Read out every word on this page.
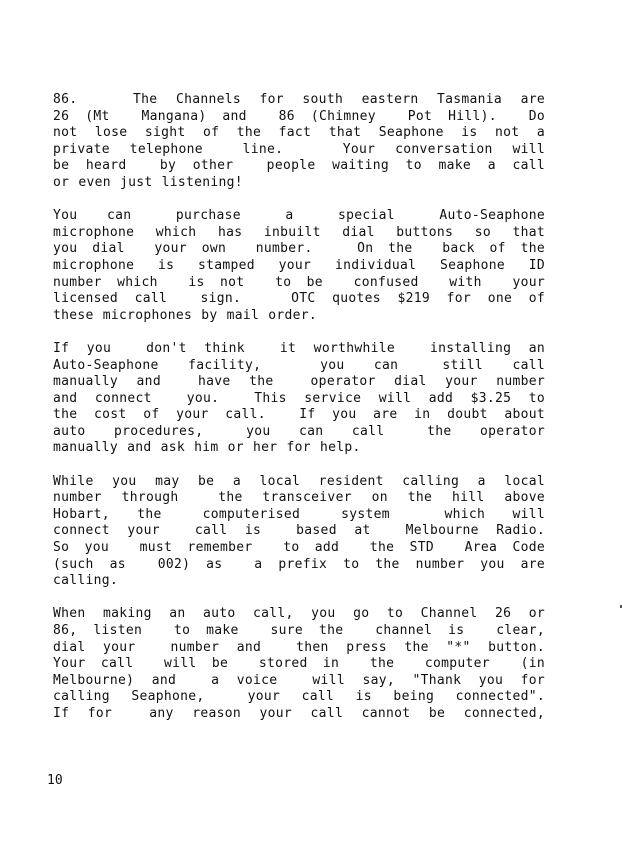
86.   The Channels for south eastern Tasmania are
26 (Mt  Mangana) and  86 (Chimney  Pot Hill).  Do
not lose sight of the fact that Seaphone is not a
private telephone  line.   Your conversation will
be heard  by other  people waiting to make a call
or even just listening!
You  can   purchase   a   special   Auto-Seaphone
microphone which has inbuilt dial buttons so that
you dial  your own  number.   On the  back of the
microphone is stamped your individual Seaphone ID
number which  is not  to be  confused  with  your
licensed call  sign.   OTC quotes $219 for one of
these microphones by mail order.
If you  don't think  it worthwhile  installing an
Auto-Seaphone  facility,    you  can   still  call
manually and  have the  operator dial your number
and connect  you.  This service will add $3.25 to
the cost of your call.  If you are in doubt about
auto  procedures,   you  can  call   the  operator
manually and ask him or her for help.
While you may be a local resident calling a local
number through  the transceiver on the hill above
Hobart,  the   computerised   system    which  will
connect your  call is  based at  Melbourne Radio.
So you  must remember  to add  the STD  Area Code
(such as  002) as  a prefix to the number you are
calling.
When making an auto call, you go to Channel 26 or
86, listen  to make  sure the  channel is  clear,
dial your  number and  then press the "*" button.
Your call  will be  stored in  the  computer  (in
Melbourne) and  a voice  will say, "Thank you for
calling Seaphone,  your call is being connected".
If for  any reason your call cannot be connected,
10
